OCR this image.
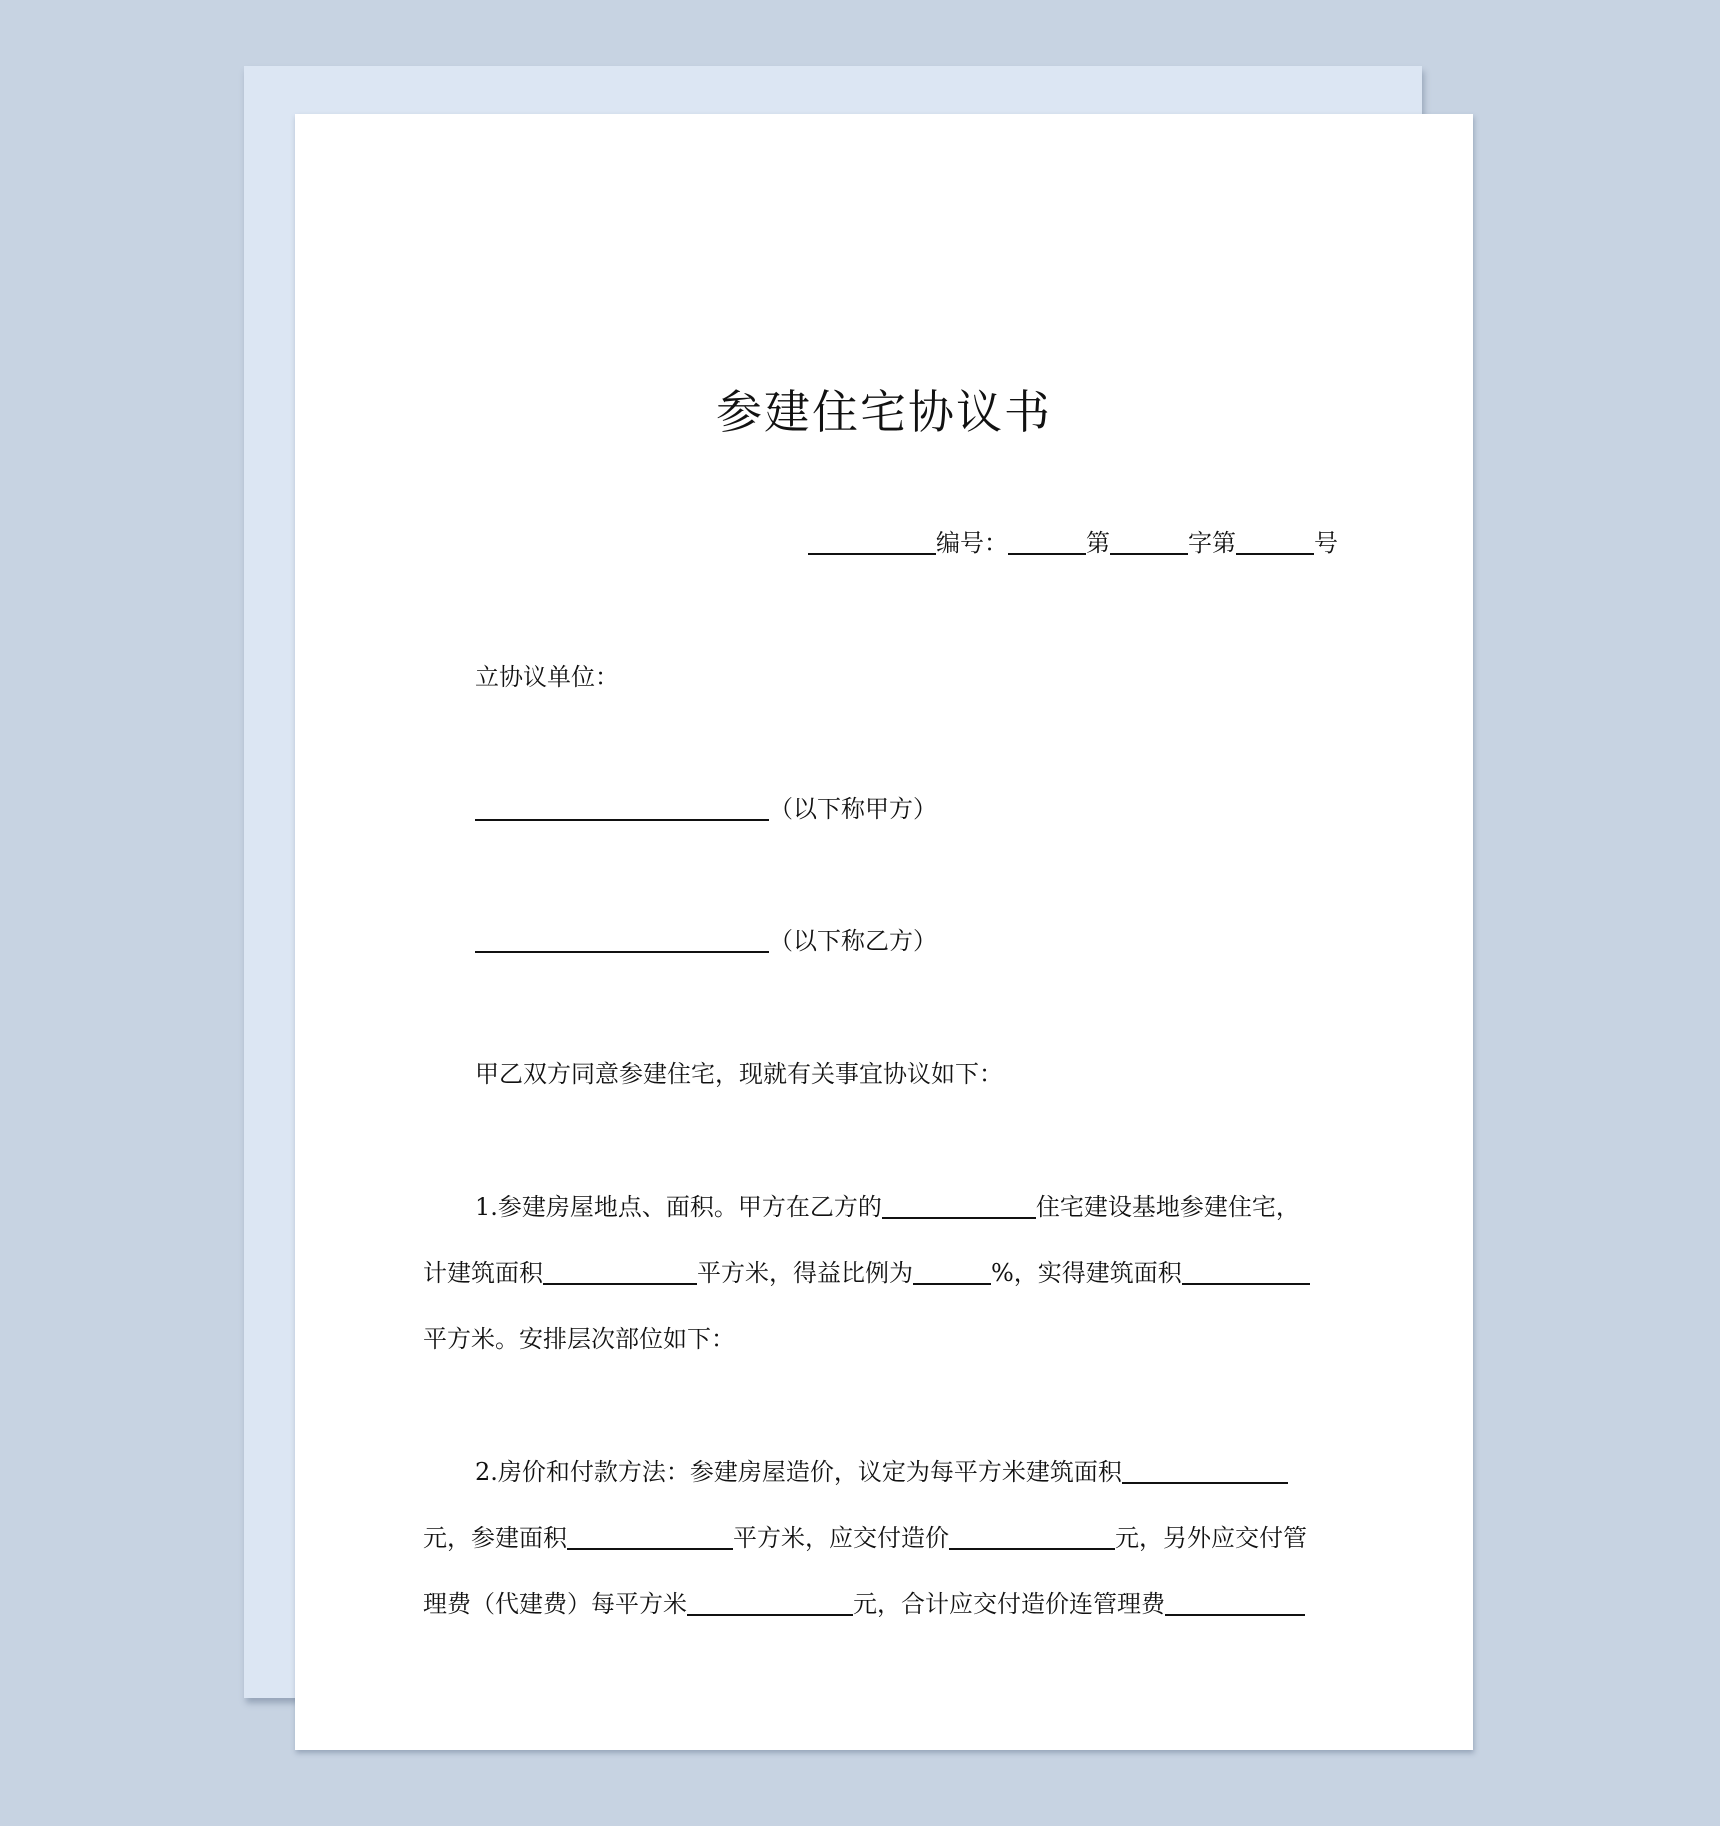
参建住宅协议书
编号：	第	字第	号
立协议单位：
（以下称甲方）
（以下称乙方）
甲乙双方同意参建住宅，现就有关事宜协议如下：
1.参建房屋地点、面积。甲方在乙方的	住宅建设基地参建住宅，
计建筑面积	平方米，得益比例为	%，实得建筑面积
平方米。安排层次部位如下：
2.房价和付款方法：参建房屋造价，议定为每平方米建筑面积
元，参建面积	平方米，应交付造价	元，另外应交付管
理费（代建费）每平方米	元，合计应交付造价连管理费
